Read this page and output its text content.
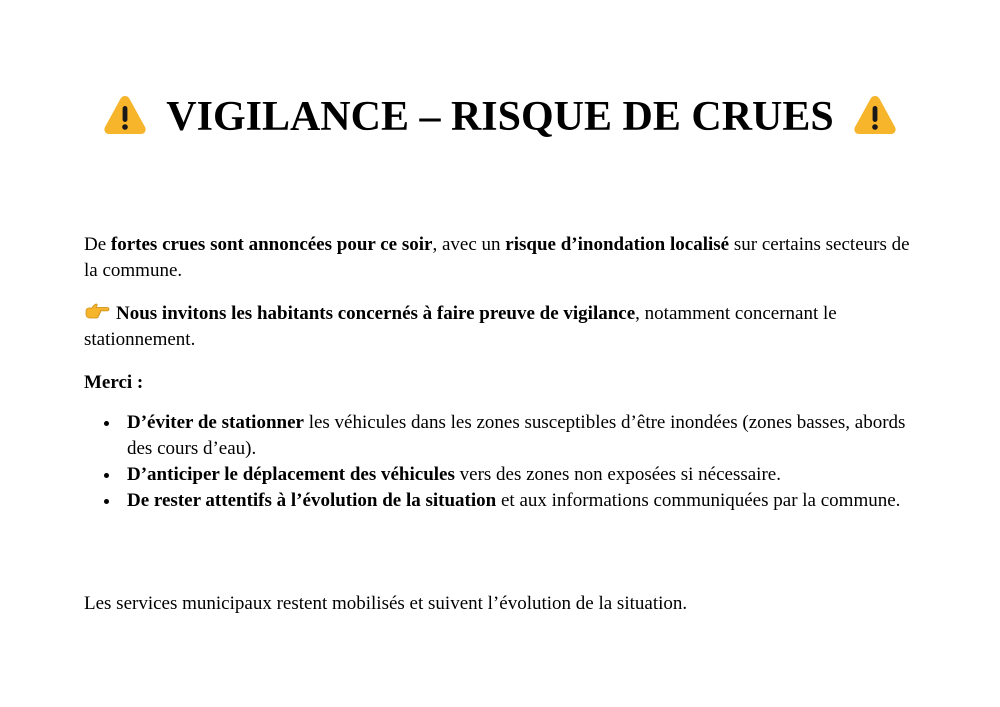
VIGILANCE – RISQUE DE CRUES

De fortes crues sont annoncées pour ce soir, avec un risque d’inondation localisé sur certains secteurs de la commune.

Nous invitons les habitants concernés à faire preuve de vigilance, notamment concernant le stationnement.

Merci :

D’éviter de stationner les véhicules dans les zones susceptibles d’être inondées (zones basses, abords des cours d’eau).
D’anticiper le déplacement des véhicules vers des zones non exposées si nécessaire.
De rester attentifs à l’évolution de la situation et aux informations communiquées par la commune.

Les services municipaux restent mobilisés et suivent l’évolution de la situation.
